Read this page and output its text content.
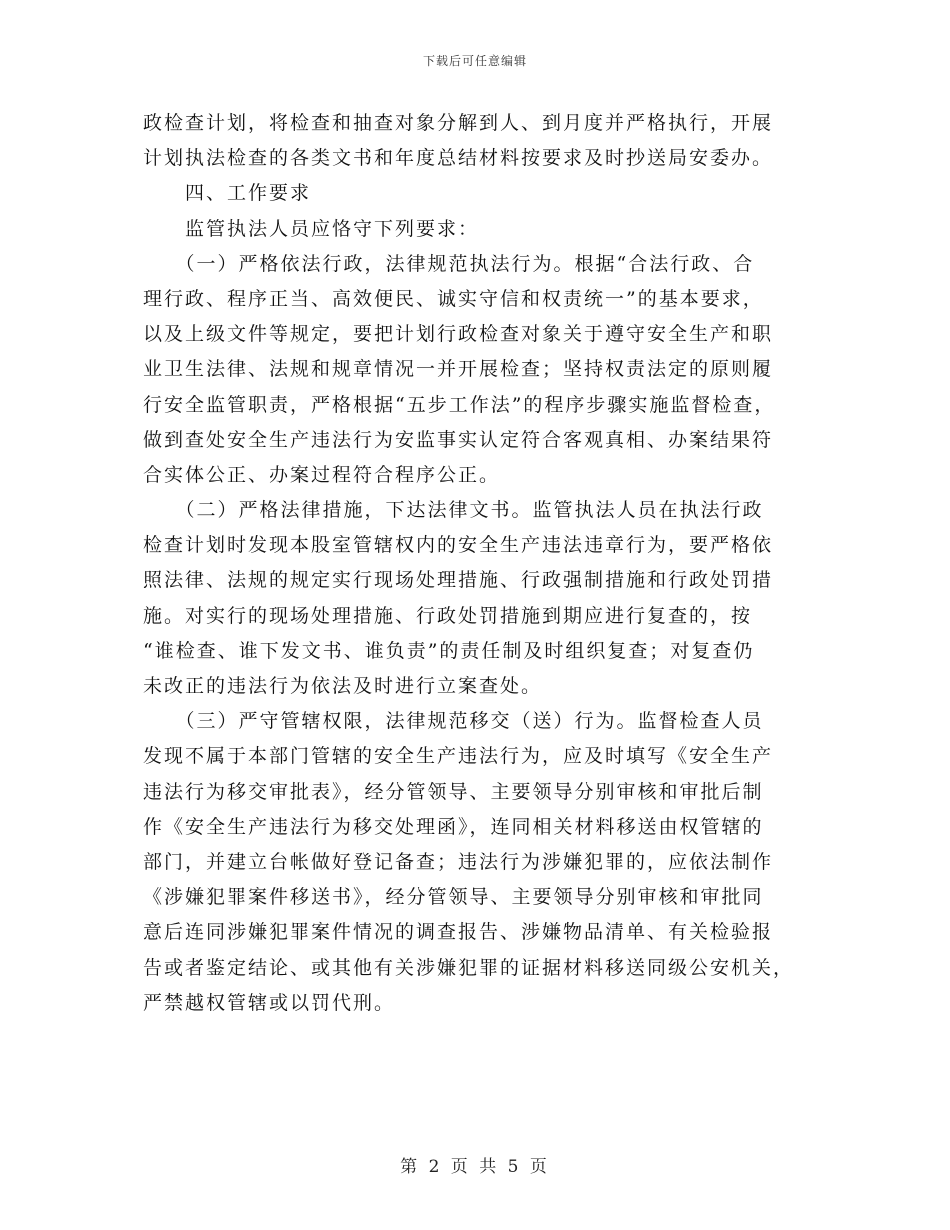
下载后可任意编辑
政检查计划，将检查和抽查对象分解到人、到月度并严格执行，开展
计划执法检查的各类文书和年度总结材料按要求及时抄送局安委办。
　　四、工作要求
　　监管执法人员应恪守下列要求：
　　（一）严格依法行政，法律规范执法行为。根据“合法行政、合
理行政、程序正当、高效便民、诚实守信和权责统一”的基本要求，
以及上级文件等规定，要把计划行政检查对象关于遵守安全生产和职
业卫生法律、法规和规章情况一并开展检查；坚持权责法定的原则履
行安全监管职责，严格根据“五步工作法”的程序步骤实施监督检查，
做到查处安全生产违法行为安监事实认定符合客观真相、办案结果符
合实体公正、办案过程符合程序公正。
　　（二）严格法律措施，下达法律文书。监管执法人员在执法行政
检查计划时发现本股室管辖权内的安全生产违法违章行为，要严格依
照法律、法规的规定实行现场处理措施、行政强制措施和行政处罚措
施。对实行的现场处理措施、行政处罚措施到期应进行复查的，按
“谁检查、谁下发文书、谁负责”的责任制及时组织复查；对复查仍
未改正的违法行为依法及时进行立案查处。
　　（三）严守管辖权限，法律规范移交（送）行为。监督检查人员
发现不属于本部门管辖的安全生产违法行为，应及时填写《安全生产
违法行为移交审批表》，经分管领导、主要领导分别审核和审批后制
作《安全生产违法行为移交处理函》，连同相关材料移送由权管辖的
部门，并建立台帐做好登记备查；违法行为涉嫌犯罪的，应依法制作
《涉嫌犯罪案件移送书》，经分管领导、主要领导分别审核和审批同
意后连同涉嫌犯罪案件情况的调查报告、涉嫌物品清单、有关检验报
告或者鉴定结论、或其他有关涉嫌犯罪的证据材料移送同级公安机关，
严禁越权管辖或以罚代刑。
第 2 页 共 5 页
